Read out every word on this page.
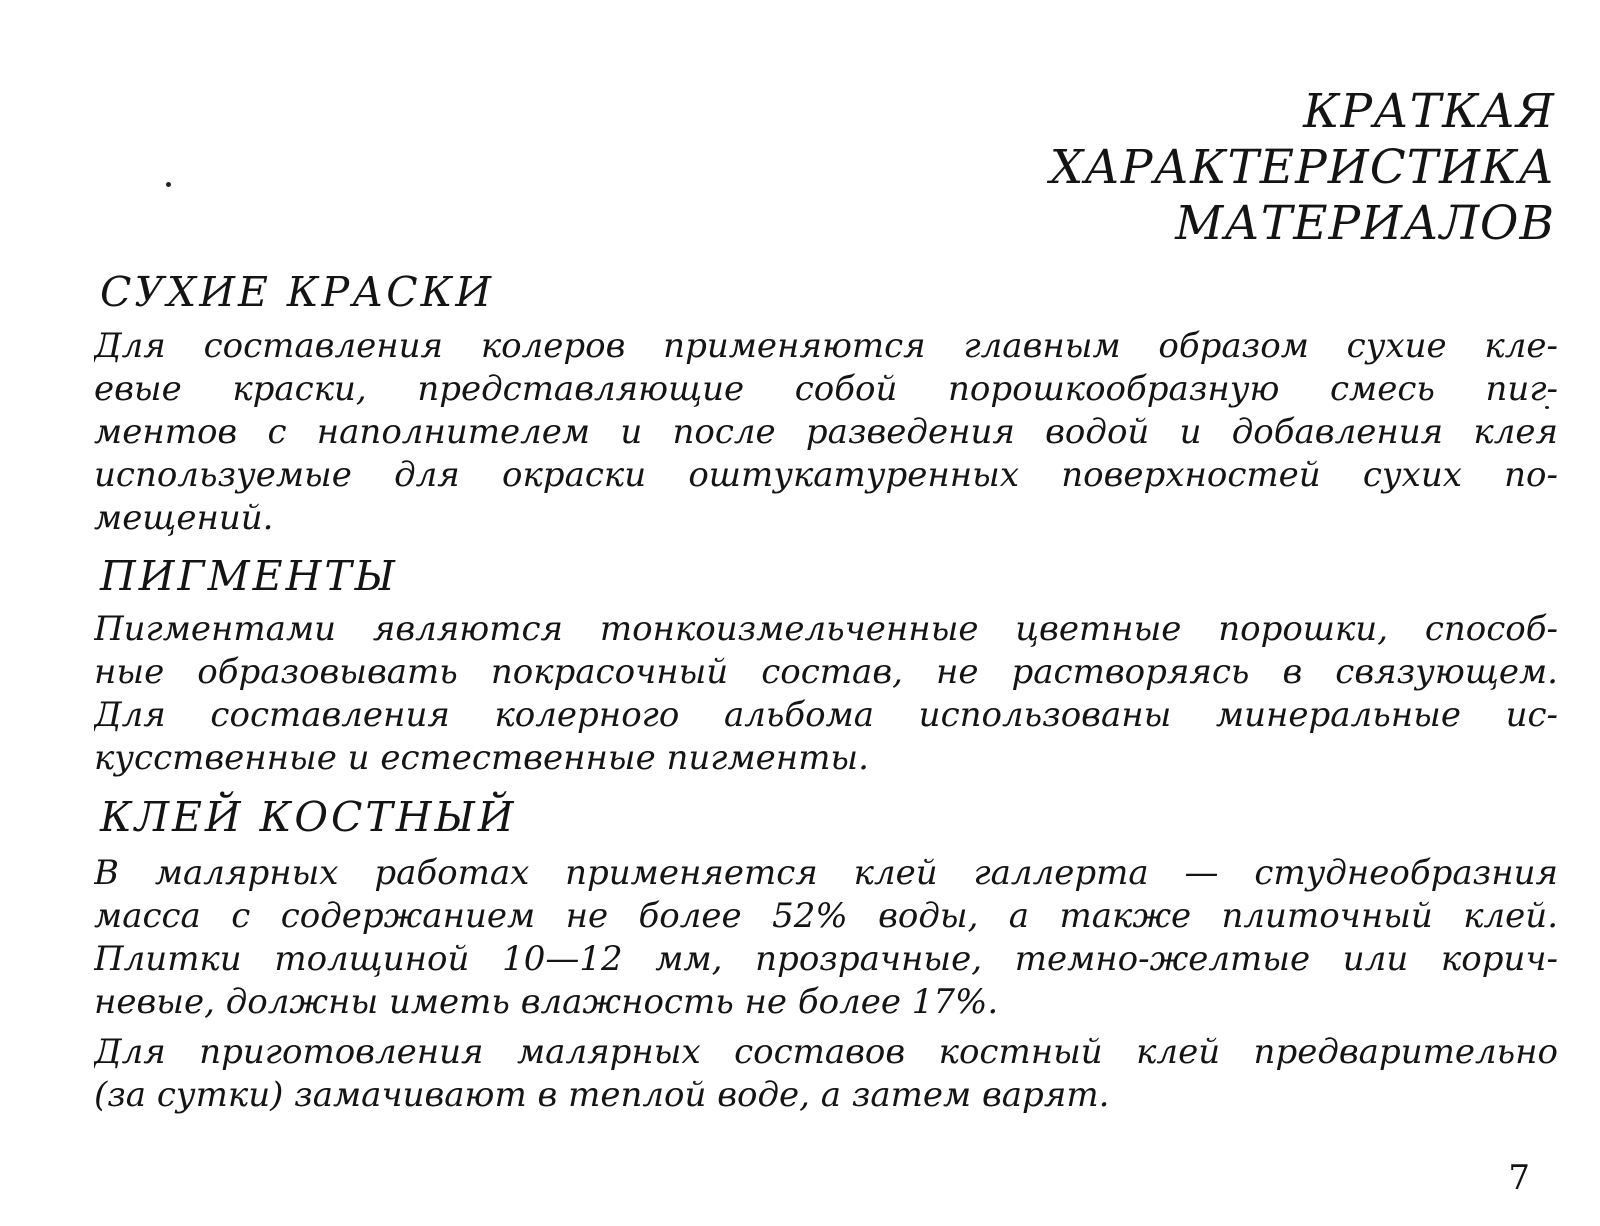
КРАТКАЯ
ХАРАКТЕРИСТИКА
МАТЕРИАЛОВ
СУХИЕ КРАСКИ
Для составления колеров применяются главным образом сухие кле-
евые краски, представляющие собой порошкообразную смесь пиг-
ментов с наполнителем и после разведения водой и добавления клея
используемые для окраски оштукатуренных поверхностей сухих по-
мещений.
ПИГМЕНТЫ
Пигментами являются тонкоизмельченные цветные порошки, способ-
ные образовывать покрасочный состав, не растворяясь в связующем.
Для составления колерного альбома использованы минеральные ис-
кусственные и естественные пигменты.
КЛЕЙ КОСТНЫЙ
В малярных работах применяется клей галлерта — студнеобразния
масса с содержанием не более 52% воды, а также плиточный клей.
Плитки толщиной 10—12 мм, прозрачные, темно-желтые или корич-
невые, должны иметь влажность не более 17%.
Для приготовления малярных составов костный клей предварительно
(за сутки) замачивают в теплой воде, а затем варят.
7
